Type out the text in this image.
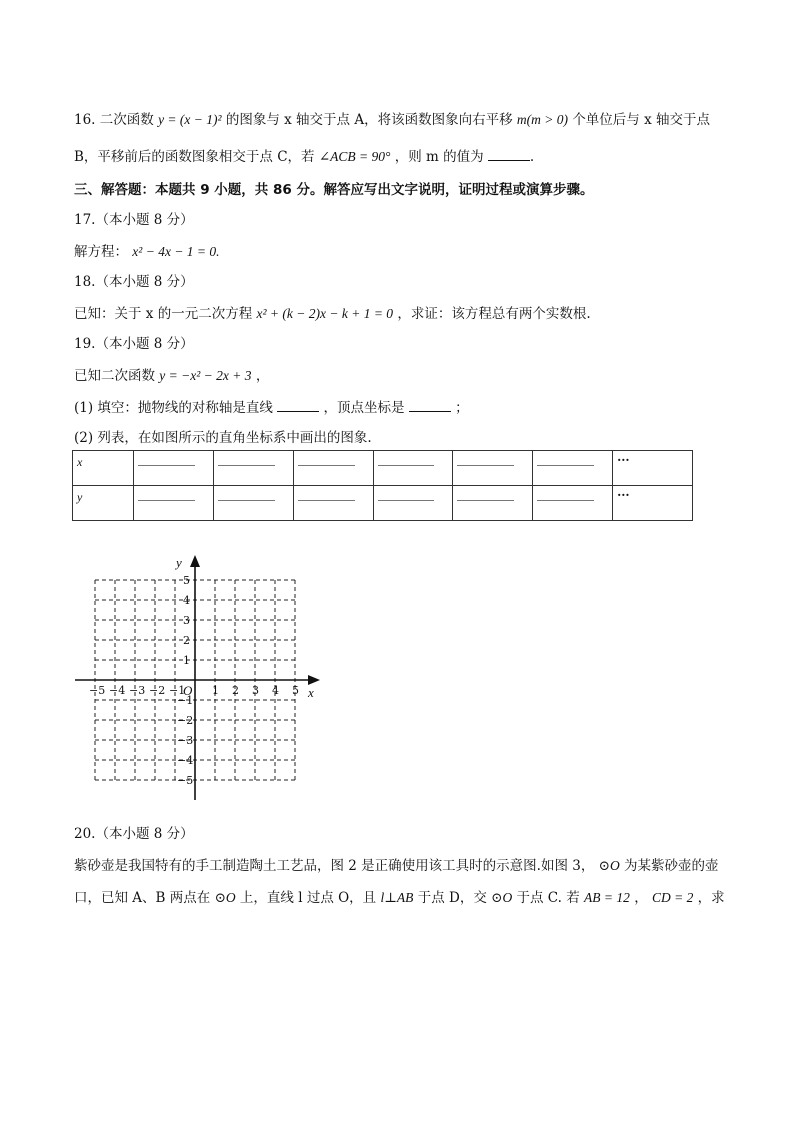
16. 二次函数 y = (x − 1)² 的图象与 x 轴交于点 A，将该函数图象向右平移 m(m > 0) 个单位后与 x 轴交于点
B，平移前后的函数图象相交于点 C，若 ∠ACB = 90° ，则 m 的值为	.
三、解答题：本题共 9 小题，共 86 分。解答应写出文字说明，证明过程或演算步骤。
17.（本小题 8 分）
解方程： x² − 4x − 1 = 0.
18.（本小题 8 分）
已知：关于 x 的一元二次方程 x² + (k − 2)x − k + 1 = 0 ，求证：该方程总有两个实数根.
19.（本小题 8 分）
已知二次函数 y = −x² − 2x + 3 ，
(1) 填空：抛物线的对称轴是直线	，顶点坐标是	；
(2) 列表，在如图所示的直角坐标系中画出的图象.
x							···
y							···
x
y
O
−5 −4 −3 −2 −1 1 2 3 4 5
5
4
3
2
1
−1
−2
−3
−4
−5
20.（本小题 8 分）
紫砂壶是我国特有的手工制造陶土工艺品，图 2 是正确使用该工具时的示意图.如图 3， ⊙O 为某紫砂壶的壶
口，已知 A、B 两点在 ⊙O 上，直线 l 过点 O，且 l⊥AB 于点 D，交 ⊙O 于点 C. 若 AB = 12 ， CD = 2 ，求
